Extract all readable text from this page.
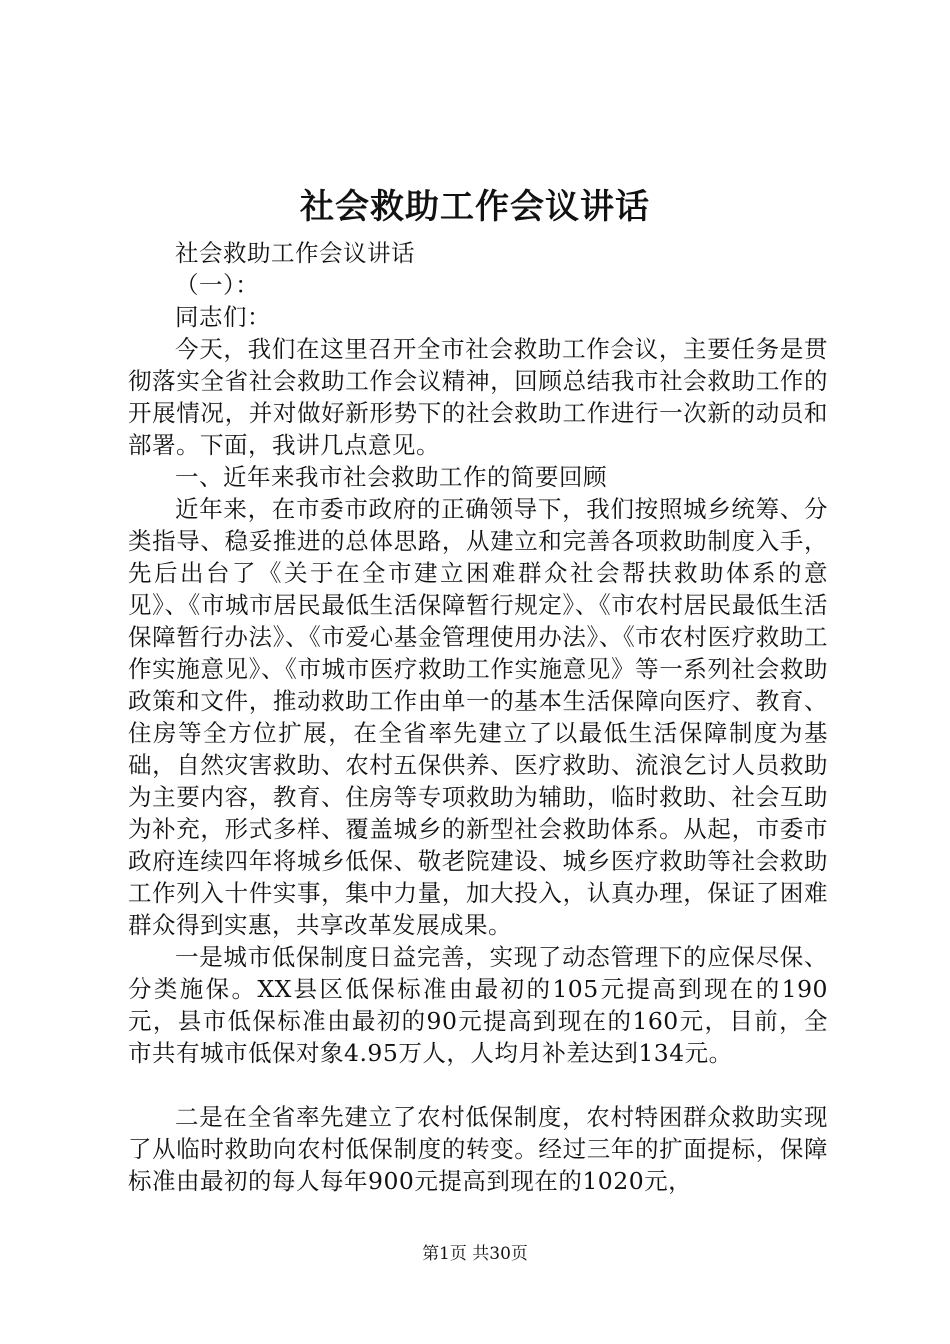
社会救助工作会议讲话

社会救助工作会议讲话

（一）：

同志们：

今天，我们在这里召开全市社会救助工作会议，主要任务是贯彻落实全省社会救助工作会议精神，回顾总结我市社会救助工作的开展情况，并对做好新形势下的社会救助工作进行一次新的动员和部署。下面，我讲几点意见。

一、近年来我市社会救助工作的简要回顾

近年来，在市委市政府的正确领导下，我们按照城乡统筹、分类指导、稳妥推进的总体思路，从建立和完善各项救助制度入手，先后出台了《关于在全市建立困难群众社会帮扶救助体系的意见》、《市城市居民最低生活保障暂行规定》、《市农村居民最低生活保障暂行办法》、《市爱心基金管理使用办法》、《市农村医疗救助工作实施意见》、《市城市医疗救助工作实施意见》等一系列社会救助政策和文件，推动救助工作由单一的基本生活保障向医疗、教育、住房等全方位扩展，在全省率先建立了以最低生活保障制度为基础，自然灾害救助、农村五保供养、医疗救助、流浪乞讨人员救助为主要内容，教育、住房等专项救助为辅助，临时救助、社会互助为补充，形式多样、覆盖城乡的新型社会救助体系。从起，市委市政府连续四年将城乡低保、敬老院建设、城乡医疗救助等社会救助工作列入十件实事，集中力量，加大投入，认真办理，保证了困难群众得到实惠，共享改革发展成果。

一是城市低保制度日益完善，实现了动态管理下的应保尽保、分类施保。XX县区低保标准由最初的105元提高到现在的190元，县市低保标准由最初的90元提高到现在的160元，目前，全市共有城市低保对象4.95万人，人均月补差达到134元。

二是在全省率先建立了农村低保制度，农村特困群众救助实现了从临时救助向农村低保制度的转变。经过三年的扩面提标，保障标准由最初的每人每年900元提高到现在的1020元，

第1页 共30页
